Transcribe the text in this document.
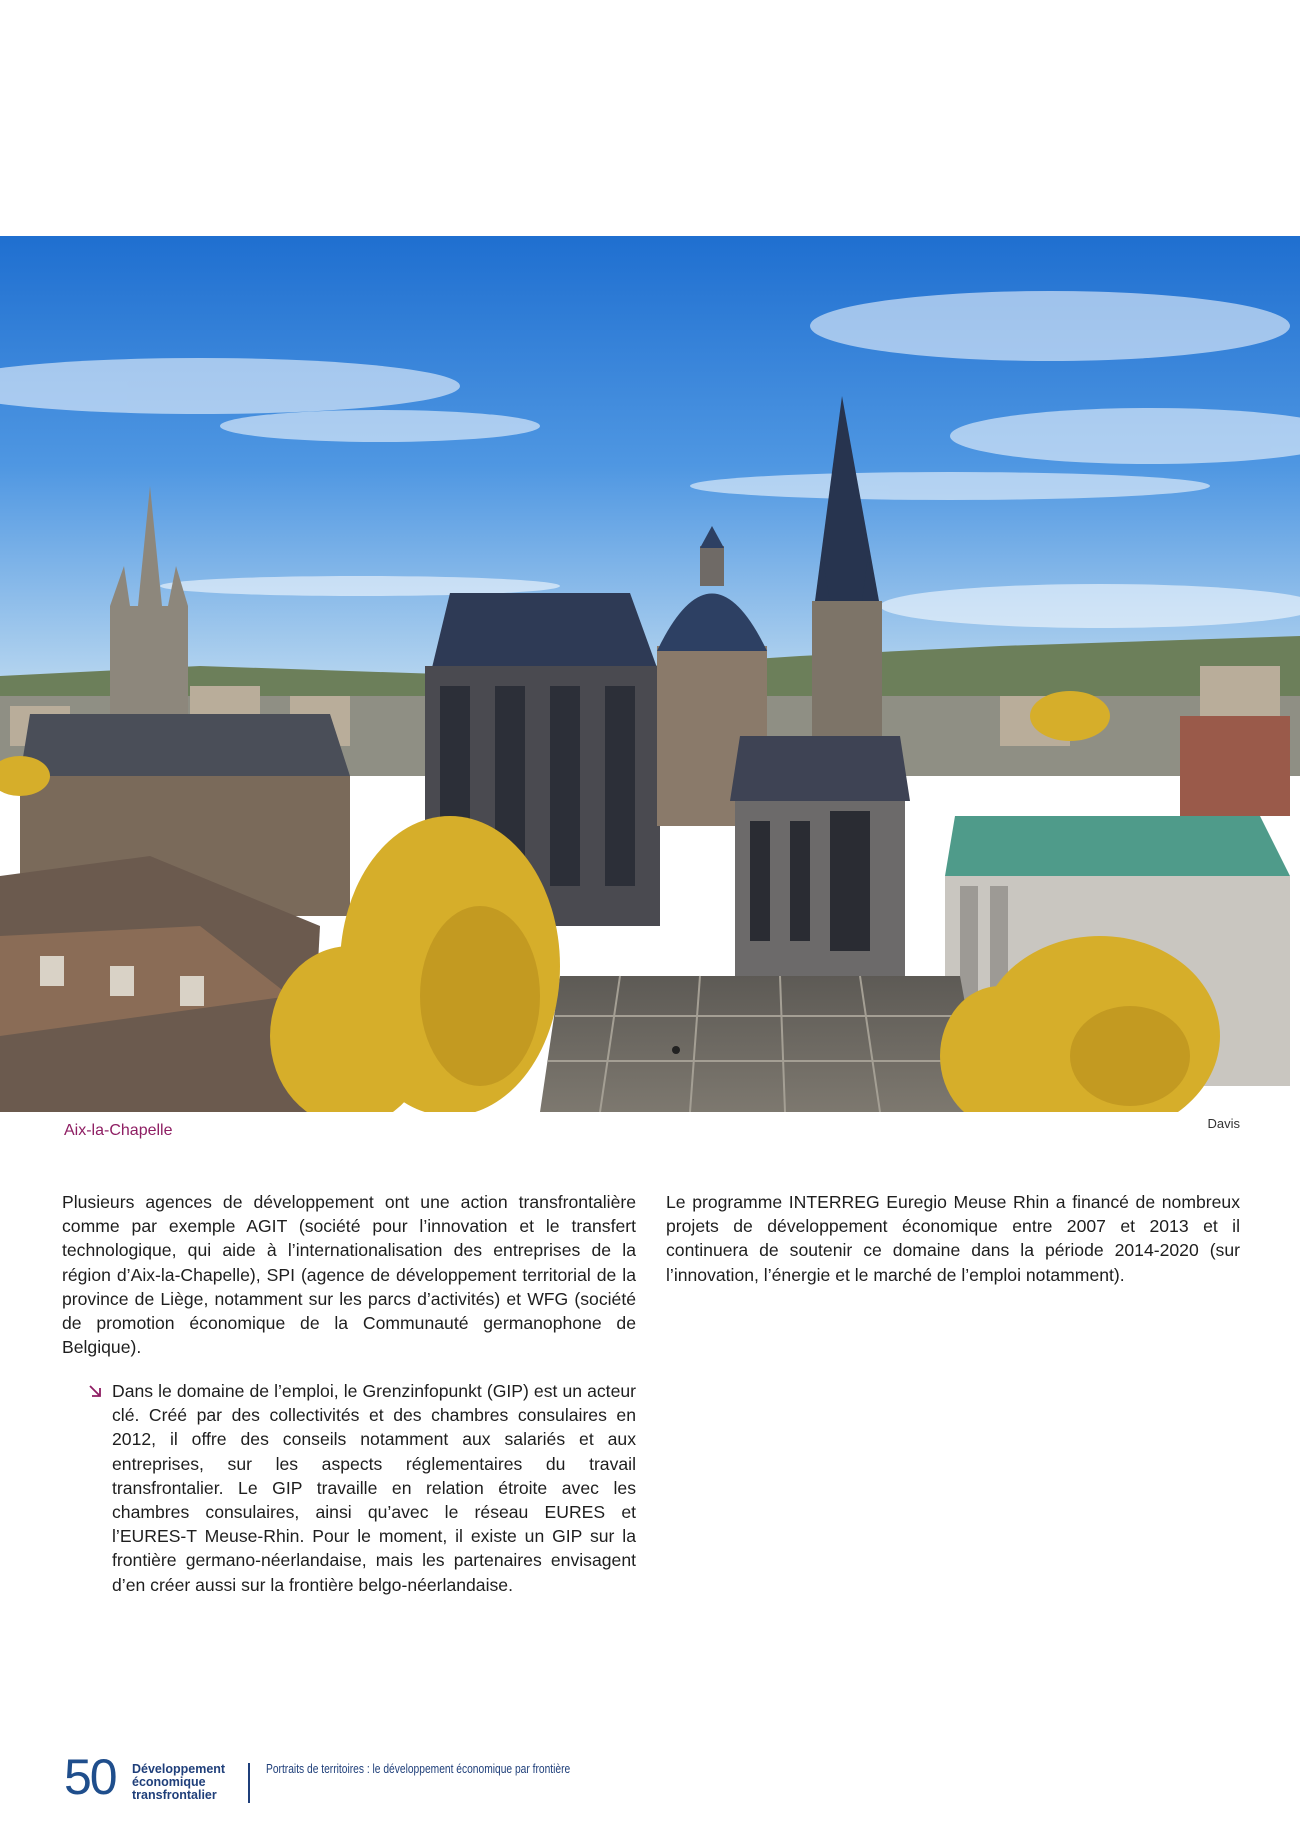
Aix-la-Chapelle	Davis

Plusieurs agences de développement ont une action transfrontalière comme par exemple AGIT (société pour l’innovation et le transfert technologique, qui aide à l’internationalisation des entreprises de la région d’Aix-la-Chapelle), SPI (agence de développement territorial de la province de Liège, notamment sur les parcs d’activités) et WFG (société de promotion économique de la Communauté germanophone de Belgique).

Dans le domaine de l’emploi, le Grenzinfopunkt (GIP) est un acteur clé. Créé par des collectivités et des chambres consulaires en 2012, il offre des conseils notamment aux salariés et aux entreprises, sur les aspects réglementaires du travail transfrontalier. Le GIP travaille en relation étroite avec les chambres consulaires, ainsi qu’avec le réseau EURES et l’EURES-T Meuse-Rhin. Pour le moment, il existe un GIP sur la frontière germano-néerlandaise, mais les partenaires envisagent d’en créer aussi sur la frontière belgo-néerlandaise.

Le programme INTERREG Euregio Meuse Rhin a financé de nombreux projets de développement économique entre 2007 et 2013 et il continuera de soutenir ce domaine dans la période 2014-2020 (sur l’innovation, l’énergie et le marché de l’emploi notamment).

50 Développement
économique
transfrontalier
Portraits de territoires : le développement économique par frontière
